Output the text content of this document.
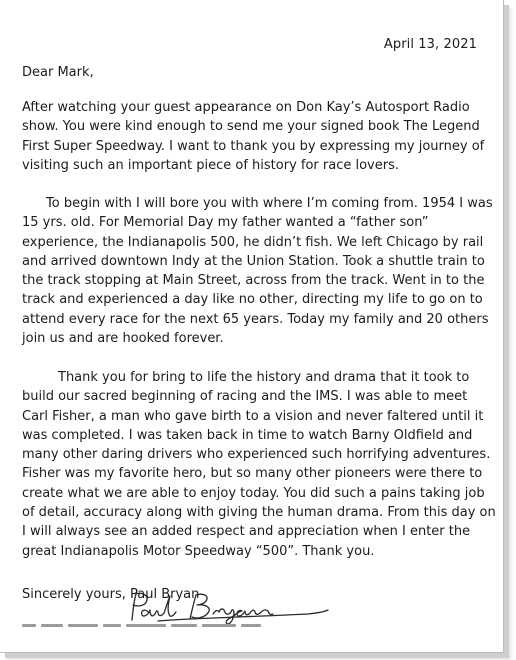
April 13, 2021
Dear Mark,

After watching your guest appearance on Don Kay’s Autosport Radio show. You were kind enough to send me your signed book The Legend First Super Speedway. I want to thank you by expressing my journey of visiting such an important piece of history for race lovers.

To begin with I will bore you with where I’m coming from. 1954 I was 15 yrs. old. For Memorial Day my father wanted a “father son” experience, the Indianapolis 500, he didn’t fish. We left Chicago by rail and arrived downtown Indy at the Union Station. Took a shuttle train to the track stopping at Main Street, across from the track. Went in to the track and experienced a day like no other, directing my life to go on to attend every race for the next 65 years. Today my family and 20 others join us and are hooked forever.

Thank you for bring to life the history and drama that it took to build our sacred beginning of racing and the IMS. I was able to meet Carl Fisher, a man who gave birth to a vision and never faltered until it was completed. I was taken back in time to watch Barny Oldfield and many other daring drivers who experienced such horrifying adventures. Fisher was my favorite hero, but so many other pioneers were there to create what we are able to enjoy today. You did such a pains taking job of detail, accuracy along with giving the human drama. From this day on I will always see an added respect and appreciation when I enter the great Indianapolis Motor Speedway “500”. Thank you.

Sincerely yours, Paul Bryan
